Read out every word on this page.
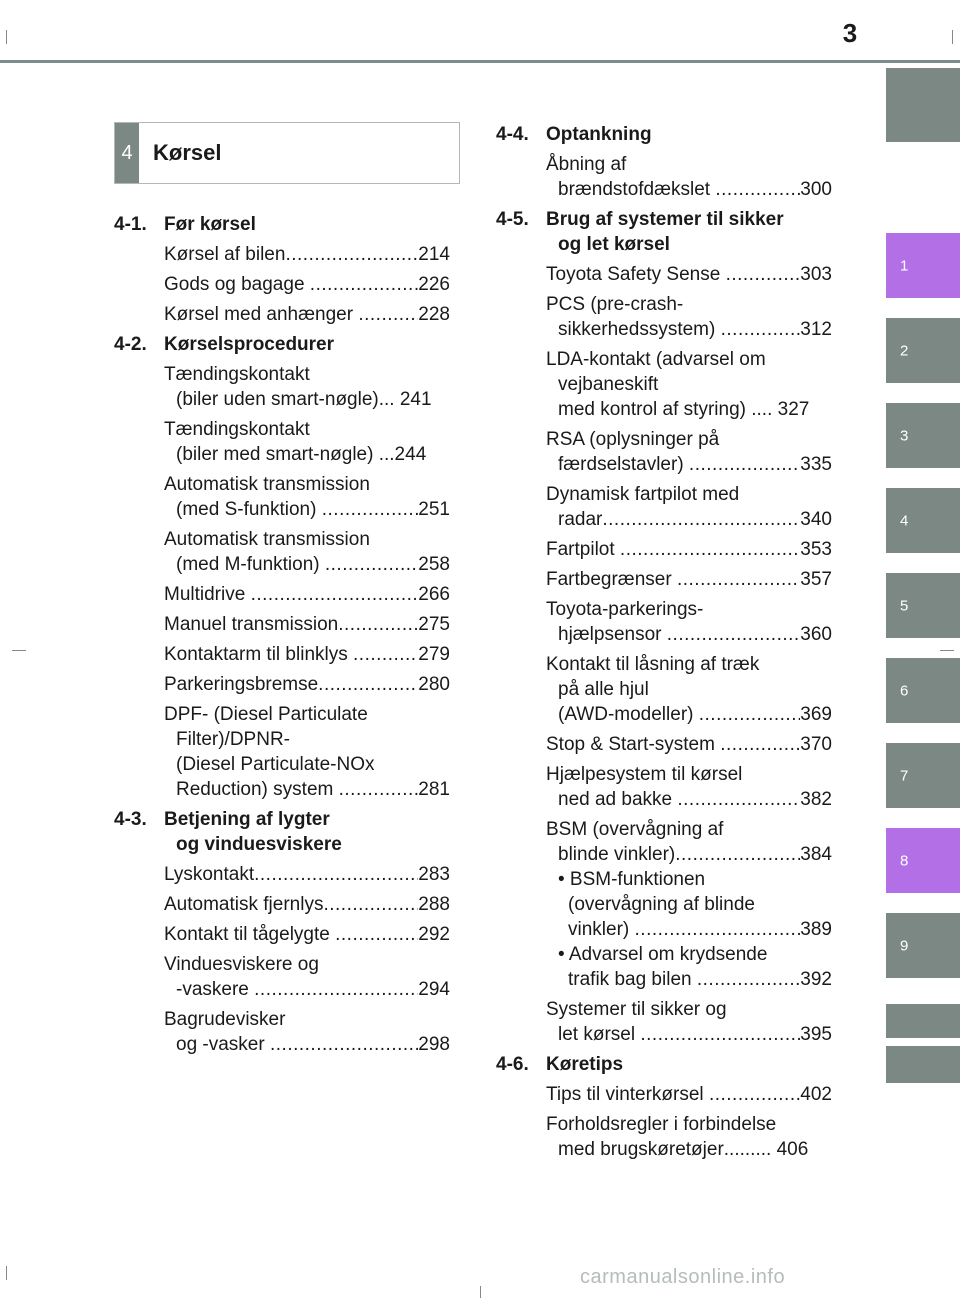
3
1
2
3
4
5
6
7
8
9
4 Kørsel
4-1. Før kørsel
Kørsel af bilen .....	214
Gods og bagage .....	226
Kørsel med anhænger .....	228
4-2. Kørselsprocedurer
Tændingskontakt
(biler uden smart-nøgle) ... 241
Tændingskontakt
(biler med smart-nøgle) ...244
Automatisk transmission
(med S-funktion) .....	251
Automatisk transmission
(med M-funktion) .....	258
Multidrive .....	266
Manuel transmission .....	275
Kontaktarm til blinklys .....	279
Parkeringsbremse .....	280
DPF- (Diesel Particulate
Filter)/DPNR-
(Diesel Particulate-NOx
Reduction) system .....	281
4-3. Betjening af lygter
og vinduesviskere
Lyskontakt .....	283
Automatisk fjernlys .....	288
Kontakt til tågelygte .....	292
Vinduesviskere og
-vaskere .....	294
Bagrudevisker
og -vasker .....	298
4-4. Optankning
Åbning af
brændstofdækslet .....	300
4-5. Brug af systemer til sikker
og let kørsel
Toyota Safety Sense .....	303
PCS (pre-crash-
sikkerhedssystem) .....	312
LDA-kontakt (advarsel om
vejbaneskift
med kontrol af styring) .... 327
RSA (oplysninger på
færdselstavler) .....	335
Dynamisk fartpilot med
radar .....	340
Fartpilot .....	353
Fartbegrænser .....	357
Toyota-parkerings-
hjælpsensor .....	360
Kontakt til låsning af træk
på alle hjul
(AWD-modeller) .....	369
Stop & Start-system .....	370
Hjælpesystem til kørsel
ned ad bakke .....	382
BSM (overvågning af
blinde vinkler) .....	384
• BSM-funktionen
(overvågning af blinde
vinkler) .....	389
• Advarsel om krydsende
trafik bag bilen .....	392
Systemer til sikker og
let kørsel .....	395
4-6. Køretips
Tips til vinterkørsel .....	402
Forholdsregler i forbindelse
med brugskøretøjer ......... 406
carmanualsonline.info
